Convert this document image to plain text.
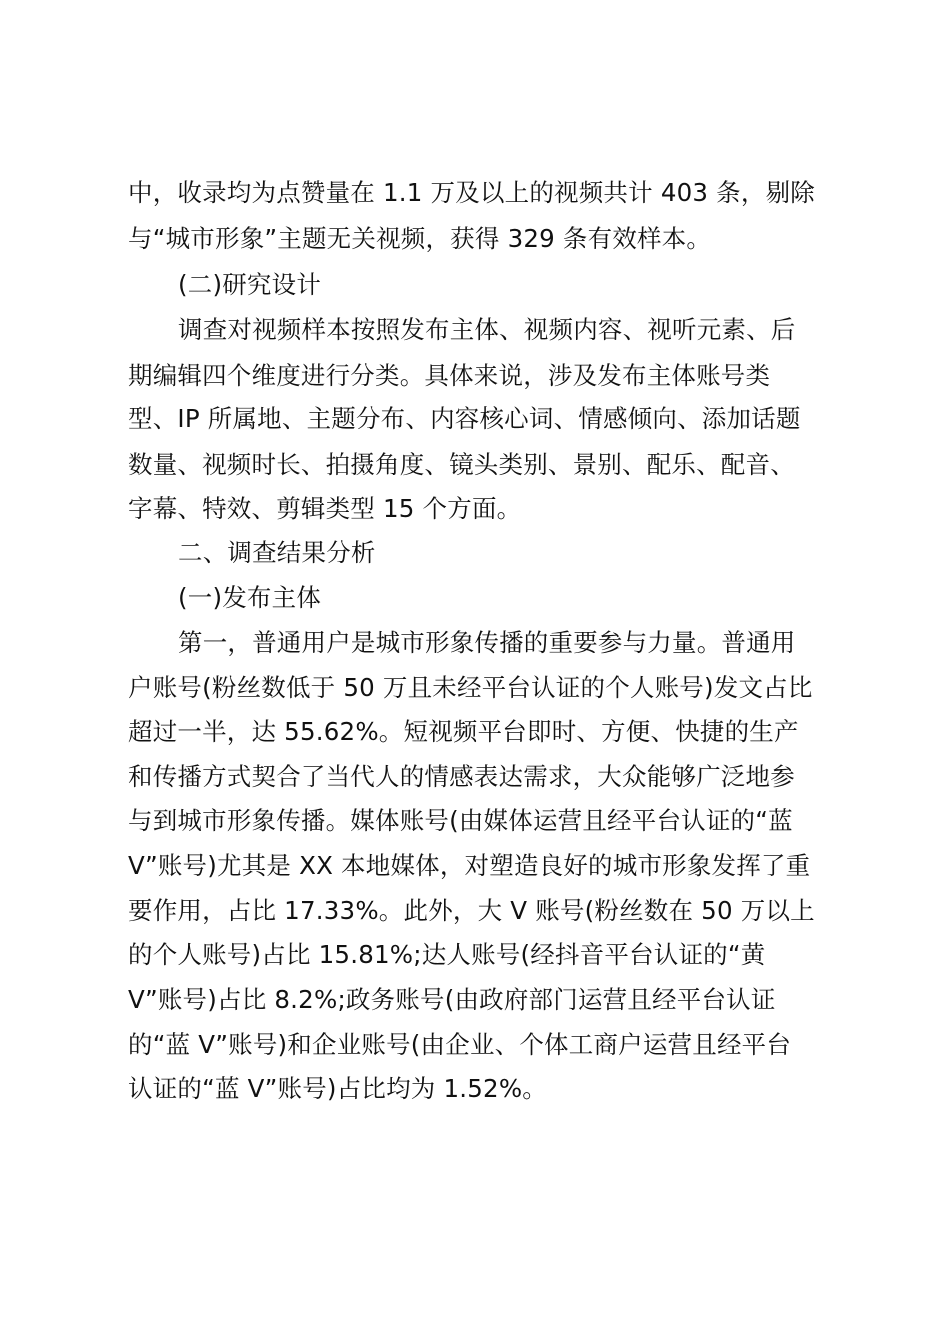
中，收录均为点赞量在 1.1 万及以上的视频共计 403 条，剔除
与“城市形象”主题无关视频，获得 329 条有效样本。
(二)研究设计
调查对视频样本按照发布主体、视频内容、视听元素、后
期编辑四个维度进行分类。具体来说，涉及发布主体账号类
型、IP 所属地、主题分布、内容核心词、情感倾向、添加话题
数量、视频时长、拍摄角度、镜头类别、景别、配乐、配音、
字幕、特效、剪辑类型 15 个方面。
二、调查结果分析
(一)发布主体
第一，普通用户是城市形象传播的重要参与力量。普通用
户账号(粉丝数低于 50 万且未经平台认证的个人账号)发文占比
超过一半，达 55.62%。短视频平台即时、方便、快捷的生产
和传播方式契合了当代人的情感表达需求，大众能够广泛地参
与到城市形象传播。媒体账号(由媒体运营且经平台认证的“蓝
V”账号)尤其是 XX 本地媒体，对塑造良好的城市形象发挥了重
要作用，占比 17.33%。此外，大 V 账号(粉丝数在 50 万以上
的个人账号)占比 15.81%;达人账号(经抖音平台认证的“黄
V”账号)占比 8.2%;政务账号(由政府部门运营且经平台认证
的“蓝 V”账号)和企业账号(由企业、个体工商户运营且经平台
认证的“蓝 V”账号)占比均为 1.52%。
